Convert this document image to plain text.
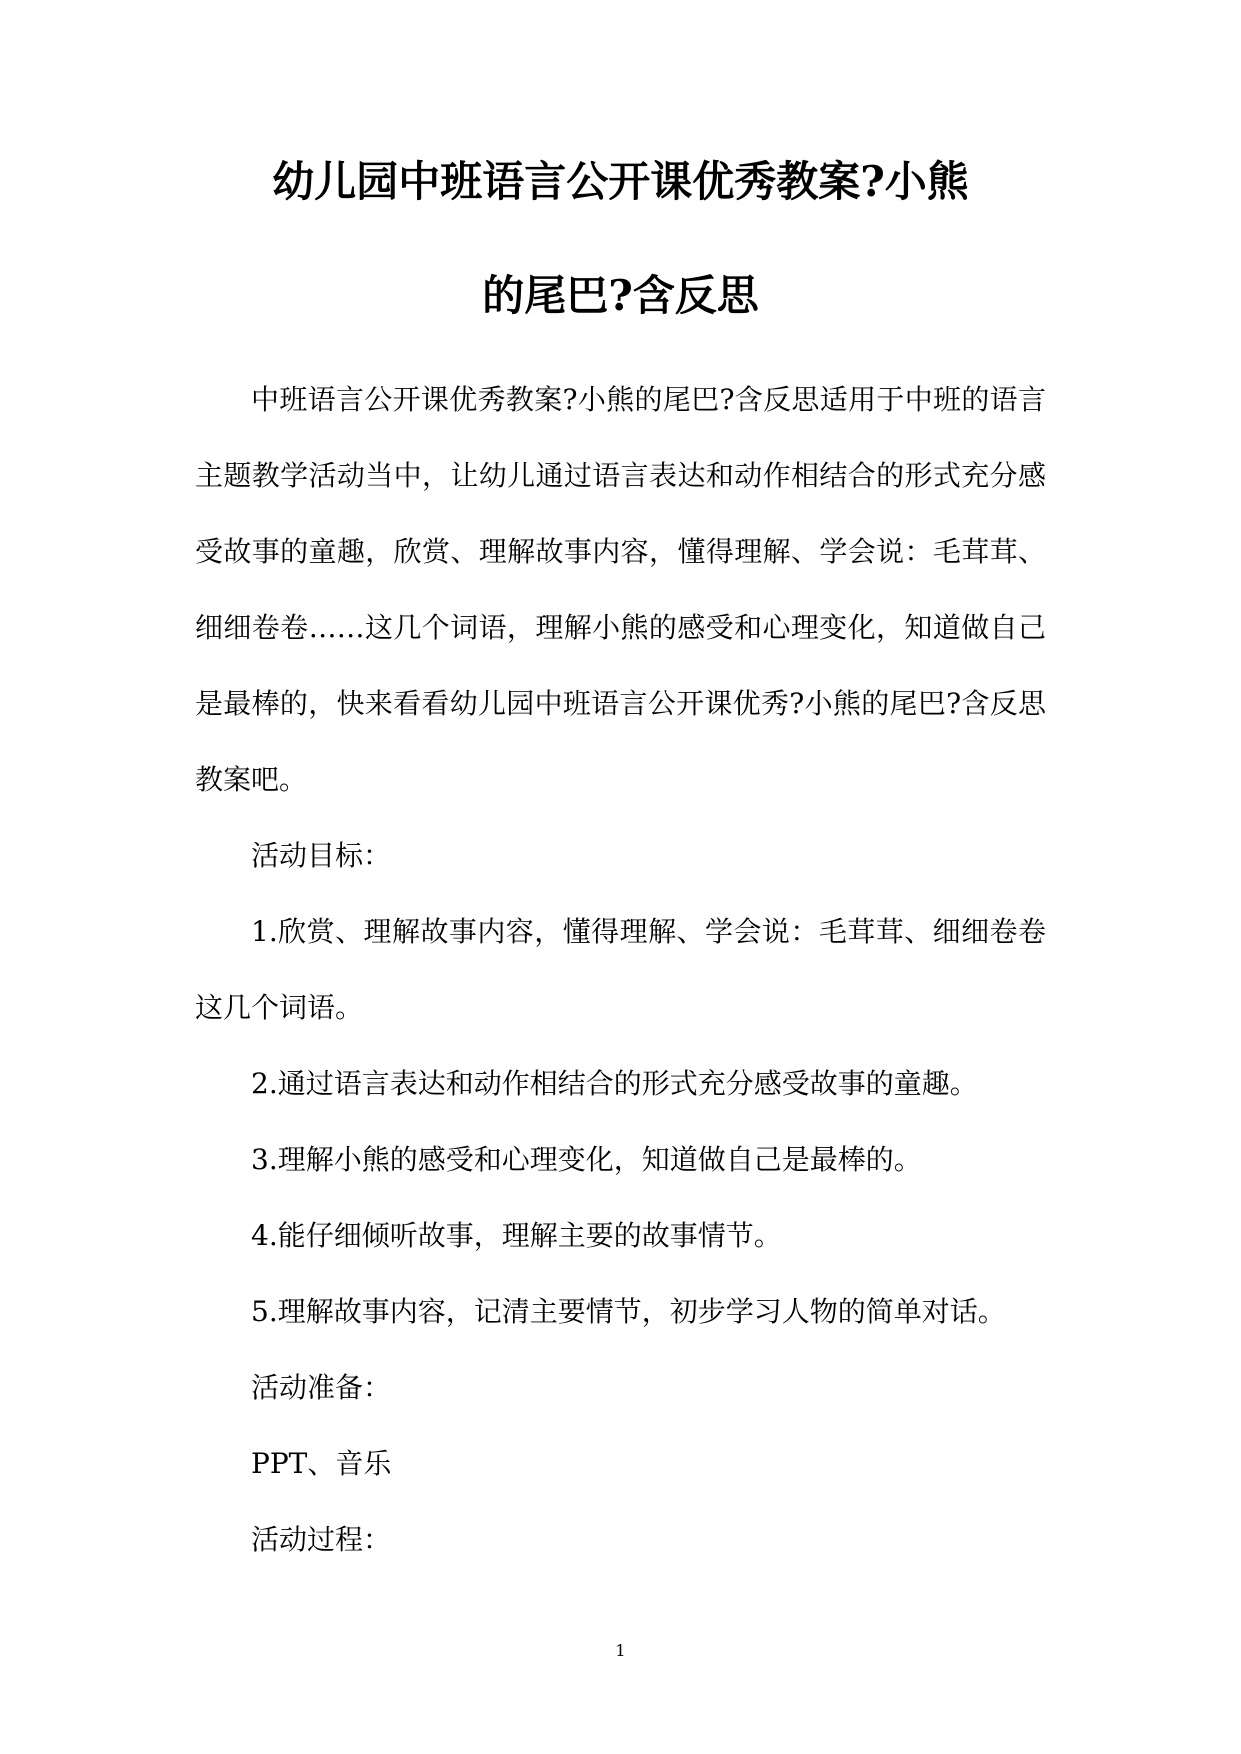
幼儿园中班语言公开课优秀教案?小熊
的尾巴?含反思

中班语言公开课优秀教案?小熊的尾巴?含反思适用于中班的语言主题教学活动当中，让幼儿通过语言表达和动作相结合的形式充分感受故事的童趣，欣赏、理解故事内容，懂得理解、学会说：毛茸茸、细细卷卷……这几个词语，理解小熊的感受和心理变化，知道做自己是最棒的，快来看看幼儿园中班语言公开课优秀?小熊的尾巴?含反思教案吧。

活动目标：

1.欣赏、理解故事内容，懂得理解、学会说：毛茸茸、细细卷卷这几个词语。

2.通过语言表达和动作相结合的形式充分感受故事的童趣。

3.理解小熊的感受和心理变化，知道做自己是最棒的。

4.能仔细倾听故事，理解主要的故事情节。

5.理解故事内容，记清主要情节，初步学习人物的简单对话。

活动准备：

PPT、音乐

活动过程：

1
